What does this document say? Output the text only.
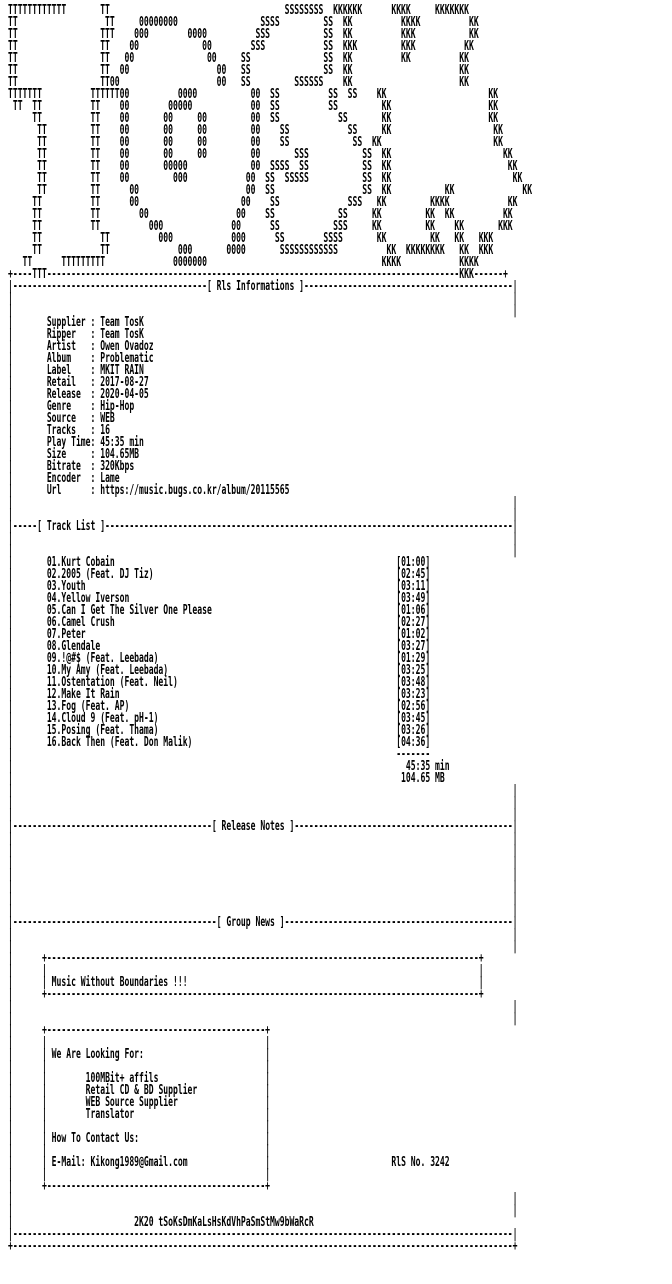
TTTTTTTTTTTT       TT                                    SSSSSSSS  KKKKKK      KKKK     KKKKKKK
TT                  TT     00000000                 SSSS         SS  KK          KKKK          KK
TT                 TTT    000        0000          SSS           SS  KK          KKK           KK
TT                 TT    00             00        SSS            SS  KKK         KKK          KK
TT                 TT   00               00     SS               SS  KK          KK          KK
TT                 TT  00                  00   SS               SS  KK                      KK
TT                 TT00                    00   SS         SSSSSS    KK                      KK
TTTTTTT          TTTTTT00          0000           00  SS          SS  SS    KK                     KK
TT  TT          TT    00        00000            00  SS          SS         KK                    KK
TT          TT    00       00     00         00  SS            SS       KK                    KK
TT         TT    00       00     00         00    SS            SS     KK                     KK
TT         TT    00       00     00         00    SS             SS  KK                       KK
TT         TT    00       00     00         00       SSS           SS  KK                       KK
TT         TT    00       00000             00  SSSS  SS           SS  KK                        KK
TT         TT    00         000            00  SS  SSSSS           SS  KK                         KK
TT         TT      00                      00  SS                  SS  KK           KK              KK
TT          TT      00                     00    SS              SSS   KK         KKKK            KK
TT          TT        00                  00    SS             SS     KK         KK  KK          KK
TT          TT          000              00      SS           SSS     KK         KK    KK       KKK
TT            TT          000            000      SS        SSSS       KK         KK   KK   KKK
TT            TT              000       0000       SSSSSSSSSSSS          KK  KKKKKKKK   KK  KKK
TT      TTTTTTTTT              0000000                                    KKKK            KKKK
+----TTT-------------------------------------------------------------------------------------KKK------+
|----------------------------------------[ Rls Informations ]-------------------------------------------|
|                                                                                                       |
|                                                                                                       |
|	Supplier : Team TosK
|	Ripper   : Team TosK
|	Artist   : Owen Ovadoz
|	Album    : Problematic
|	Label    : MKIT RAIN
|	Retail   : 2017-08-27
|	Release  : 2020-04-05
|	Genre    : Hip-Hop
|	Source   : WEB
|	Tracks   : 16
|	Play Time: 45:35 min
|	Size     : 104.65MB
|	Bitrate  : 320Kbps
|	Encoder  : Lame
|	Url      : https://music.bugs.co.kr/album/20115565
|                                                                                                       |
|                                                                                                       |
|-----[ Track List ]------------------------------------------------------------------------------------|
|                                                                                                       |
|                                                                                                       |
|	01.Kurt Cobain	[01:00]
|	02.2005 (Feat. DJ Tiz)	[02:45]
|	03.Youth	[03:11]
|	04.Yellow Iverson	[03:49]
|	05.Can I Get The Silver One Please	[01:06]
|	06.Camel Crush	[02:27]
|	07.Peter	[01:02]
|	08.Glendale	[03:27]
|	09.!@#$ (Feat. Leebada)	[01:29]
|	10.My Amy (Feat. Leebada)	[03:25]
|	11.Ostentation (Feat. Neil)	[03:48]
|	12.Make It Rain	[03:23]
|	13.Fog (Feat. AP)	[02:56]
|	14.Cloud 9 (Feat. pH-1)	[03:45]
|	15.Posing (Feat. Thama)	[03:26]
|	16.Back Then (Feat. Don Malik)	[04:36]
|                                                                               -------
|	45:35 min
|	104.65 MB
|                                                                                                       |
|                                                                                                       |
|                                                                                                       |
|-----------------------------------------[ Release Notes ]---------------------------------------------|
|                                                                                                       |
|                                                                                                       |
|                                                                                                       |
|                                                                                                       |
|                                                                                                       |
|                                                                                                       |
|                                                                                                       |
|------------------------------------------[ Group News ]-----------------------------------------------|
|                                                                                                       |
|                                                                                                       |
|      +-----------------------------------------------------------------------------------------+
|      |                                                                                         |
|      | Music Without Boundaries !!!                                                            |
|      +-----------------------------------------------------------------------------------------+
|                                                                                                       |
|                                                                                                       |
|      +---------------------------------------------+
|      |                                             |
|      | We Are Looking For:                         |
|      |                                             |
|      |	100MBit+ affils                      |
|      |	Retail CD & BD Supplier              |
|      |	WEB Source Supplier                  |
|      |	Translator                           |
|      |                                             |
|      | How To Contact Us:                          |
|      |                                             |
|      | E-Mail: Kikong1989@Gmail.com                |	RlS No. 3242
|      |                                             |
|      +---------------------------------------------+
|                                                                                                       |
|                                                                                                       |
|	2K20 tSoKsDmKaLsHsKdVhPaSmStMw9bWaRcR
|-------------------------------------------------------------------------------------------------------|
+-------------------------------------------------------------------------------------------------------+
